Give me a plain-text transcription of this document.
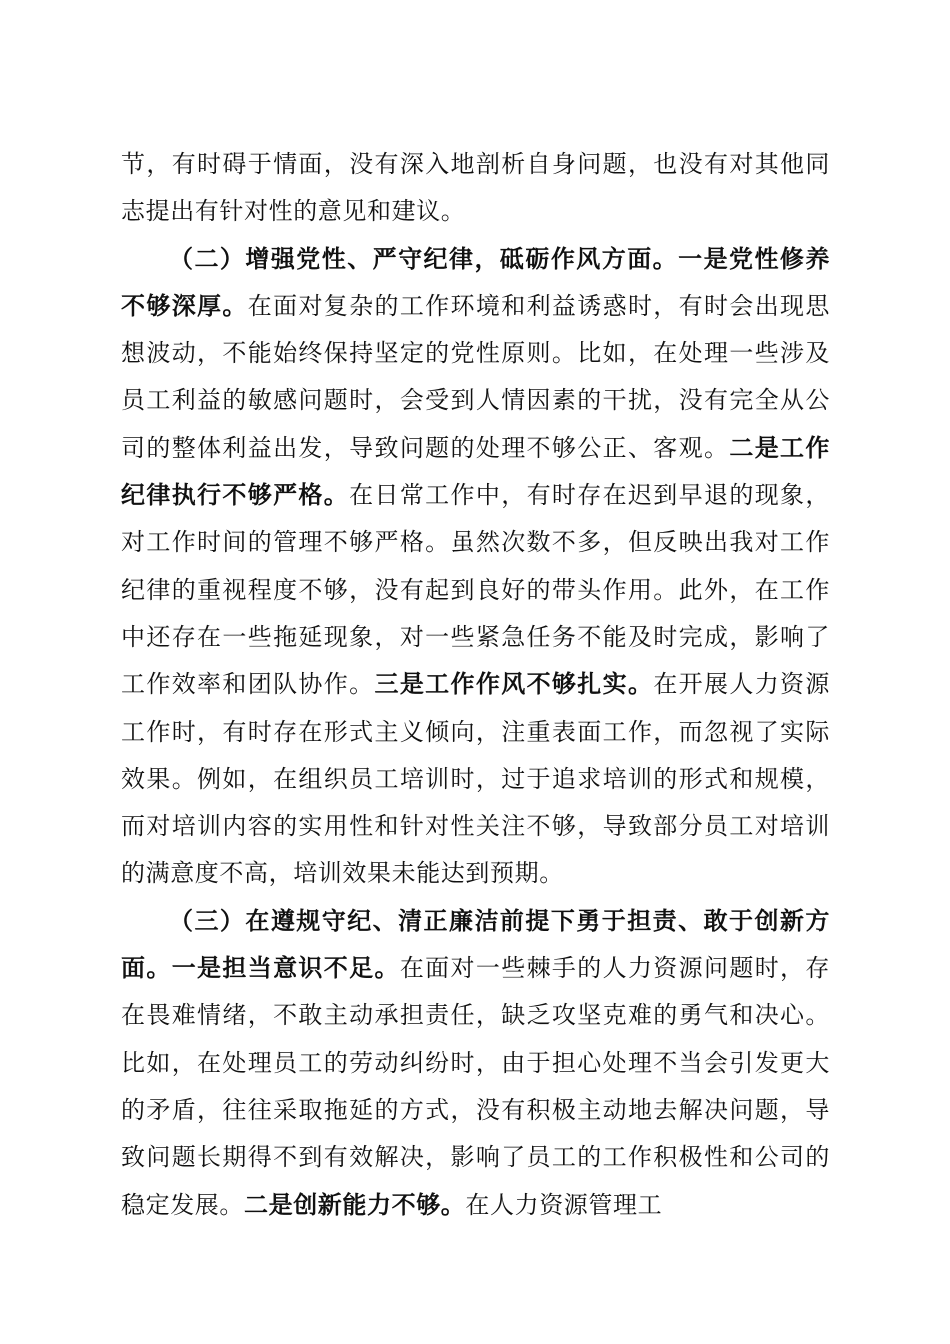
节，有时碍于情面，没有深入地剖析自身问题，也没有对其他同志提出有针对性的意见和建议。

（二）增强党性、严守纪律，砥砺作风方面。一是党性修养不够深厚。在面对复杂的工作环境和利益诱惑时，有时会出现思想波动，不能始终保持坚定的党性原则。比如，在处理一些涉及员工利益的敏感问题时，会受到人情因素的干扰，没有完全从公司的整体利益出发，导致问题的处理不够公正、客观。二是工作纪律执行不够严格。在日常工作中，有时存在迟到早退的现象，对工作时间的管理不够严格。虽然次数不多，但反映出我对工作纪律的重视程度不够，没有起到良好的带头作用。此外，在工作中还存在一些拖延现象，对一些紧急任务不能及时完成，影响了工作效率和团队协作。三是工作作风不够扎实。在开展人力资源工作时，有时存在形式主义倾向，注重表面工作，而忽视了实际效果。例如，在组织员工培训时，过于追求培训的形式和规模，而对培训内容的实用性和针对性关注不够，导致部分员工对培训的满意度不高，培训效果未能达到预期。

（三）在遵规守纪、清正廉洁前提下勇于担责、敢于创新方面。一是担当意识不足。在面对一些棘手的人力资源问题时，存在畏难情绪，不敢主动承担责任，缺乏攻坚克难的勇气和决心。比如，在处理员工的劳动纠纷时，由于担心处理不当会引发更大的矛盾，往往采取拖延的方式，没有积极主动地去解决问题，导致问题长期得不到有效解决，影响了员工的工作积极性和公司的稳定发展。二是创新能力不够。在人力资源管理工
